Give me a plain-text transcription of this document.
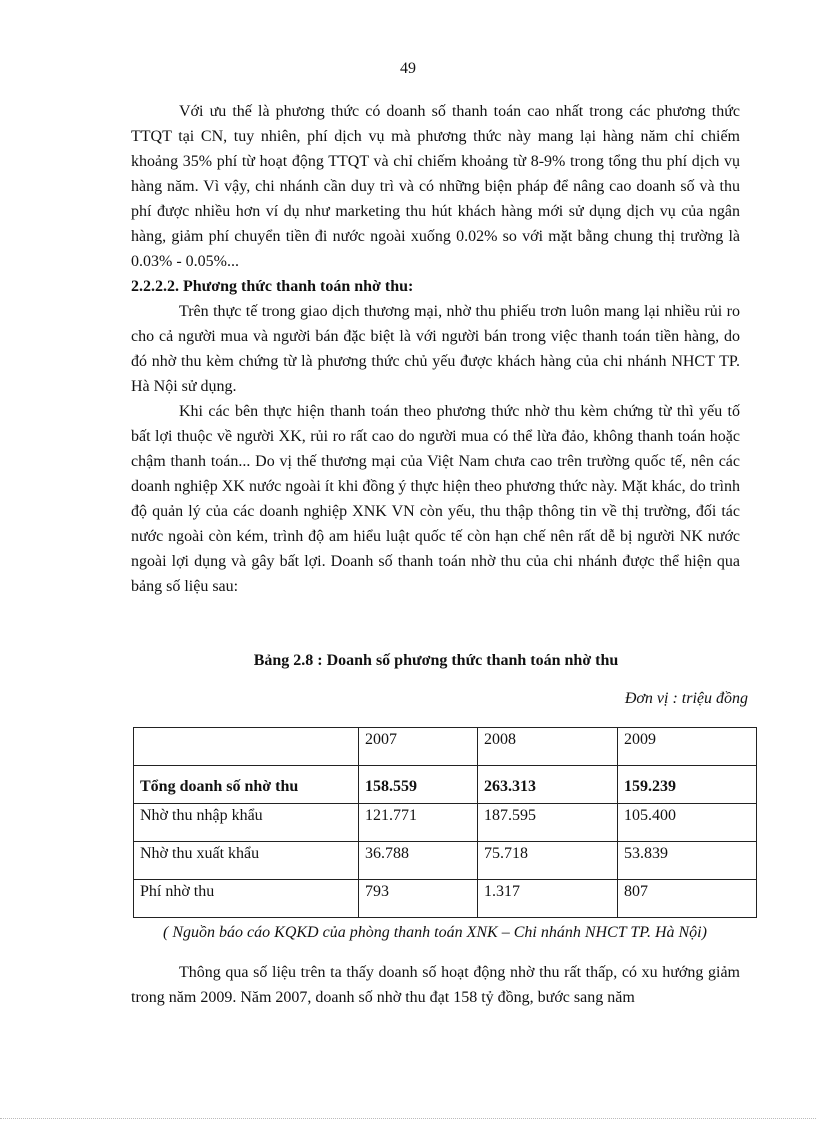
49

Với ưu thế là phương thức có doanh số thanh toán cao nhất trong các phương thức TTQT tại CN, tuy nhiên, phí dịch vụ mà phương thức này mang lại hàng năm chỉ chiếm khoảng 35% phí từ hoạt động TTQT và chỉ chiếm khoảng từ 8-9% trong tổng thu phí dịch vụ hàng năm. Vì vậy, chi nhánh cần duy trì và có những biện pháp để nâng cao doanh số và thu phí được nhiều hơn ví dụ như marketing thu hút khách hàng mới sử dụng dịch vụ của ngân hàng, giảm phí chuyển tiền đi nước ngoài xuống 0.02% so với mặt bằng chung thị trường là 0.03% - 0.05%...

2.2.2.2. Phương thức thanh toán nhờ thu:

Trên thực tế trong giao dịch thương mại, nhờ thu phiếu trơn luôn mang lại nhiều rủi ro cho cả người mua và người bán đặc biệt là với người bán trong việc thanh toán tiền hàng, do đó nhờ thu kèm chứng từ là phương thức chủ yếu được khách hàng của chi nhánh NHCT TP. Hà Nội sử dụng.

Khi các bên thực hiện thanh toán theo phương thức nhờ thu kèm chứng từ thì yếu tố bất lợi thuộc về người XK, rủi ro rất cao do người mua có thể lừa đảo, không thanh toán hoặc chậm thanh toán... Do vị thế thương mại của Việt Nam chưa cao trên trường quốc tế, nên các doanh nghiệp XK nước ngoài ít khi đồng ý thực hiện theo phương thức này. Mặt khác, do trình độ quản lý của các doanh nghiệp XNK VN còn yếu, thu thập thông tin về thị trường, đối tác nước ngoài còn kém, trình độ am hiểu luật quốc tế còn hạn chế nên rất dễ bị người NK nước ngoài lợi dụng và gây bất lợi. Doanh số thanh toán nhờ thu của chi nhánh được thể hiện qua bảng số liệu sau:

Bảng 2.8 : Doanh số phương thức thanh toán nhờ thu
Đơn vị : triệu đồng
	2007	2008	2009
Tổng doanh số nhờ thu	158.559	263.313	159.239
Nhờ thu nhập khẩu	121.771	187.595	105.400
Nhờ thu xuất khẩu	36.788	75.718	53.839
Phí nhờ thu	793	1.317	807
( Nguồn báo cáo KQKD của phòng thanh toán XNK – Chi nhánh NHCT TP. Hà Nội)

Thông qua số liệu trên ta thấy doanh số hoạt động nhờ thu rất thấp, có xu hướng giảm trong năm 2009. Năm 2007, doanh số nhờ thu đạt 158 tỷ đồng, bước sang năm
